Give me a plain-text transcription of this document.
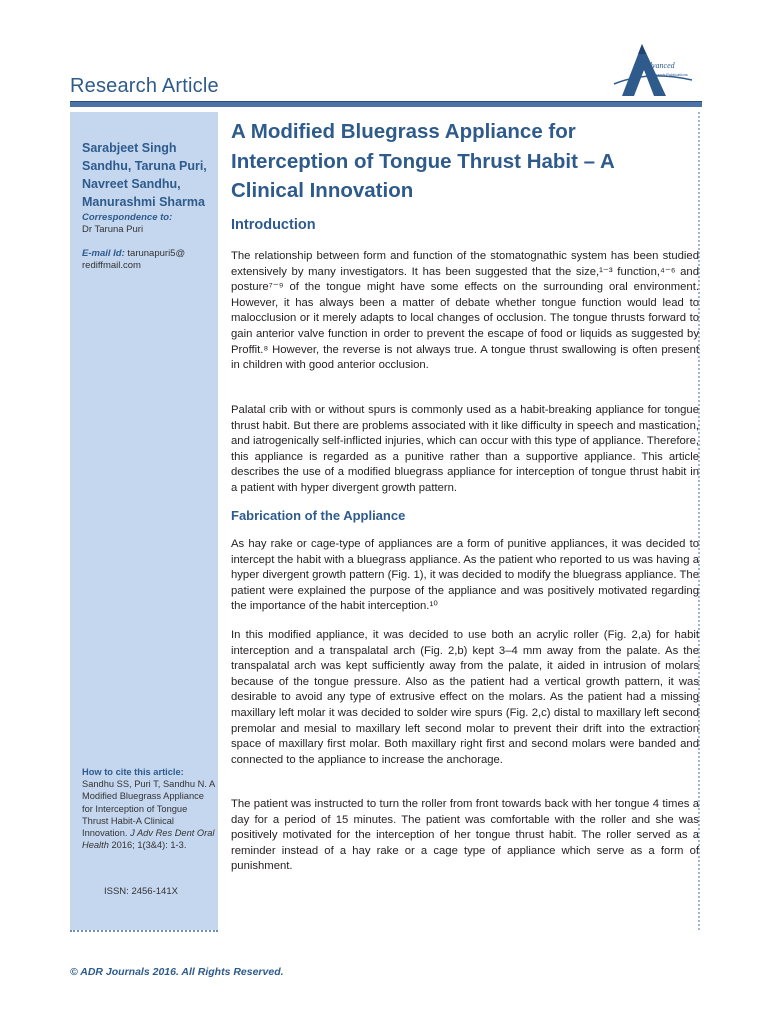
Research Article
dvanced
Research Publications
Sarabjeet Singh Sandhu, Taruna Puri, Navreet Sandhu, Manurashmi Sharma
Correspondence to:
Dr Taruna Puri
E-mail Id: tarunapuri5@ rediffmail.com
How to cite this article:
Sandhu SS, Puri T, Sandhu N. A Modified Bluegrass Appliance for Interception of Tongue Thrust Habit-A Clinical Innovation. J Adv Res Dent Oral Health 2016; 1(3&4): 1-3.
ISSN: 2456-141X
A Modified Bluegrass Appliance for Interception of Tongue Thrust Habit – A Clinical Innovation
Introduction
The relationship between form and function of the stomatognathic system has been studied extensively by many investigators. It has been suggested that the size,¹⁻³ function,⁴⁻⁶ and posture⁷⁻⁹ of the tongue might have some effects on the surrounding oral environment. However, it has always been a matter of debate whether tongue function would lead to malocclusion or it merely adapts to local changes of occlusion. The tongue thrusts forward to gain anterior valve function in order to prevent the escape of food or liquids as suggested by Proffit.⁸ However, the reverse is not always true. A tongue thrust swallowing is often present in children with good anterior occlusion.
Palatal crib with or without spurs is commonly used as a habit-breaking appliance for tongue thrust habit. But there are problems associated with it like difficulty in speech and mastication, and iatrogenically self-inflicted injuries, which can occur with this type of appliance. Therefore, this appliance is regarded as a punitive rather than a supportive appliance. This article describes the use of a modified bluegrass appliance for interception of tongue thrust habit in a patient with hyper divergent growth pattern.
Fabrication of the Appliance
As hay rake or cage-type of appliances are a form of punitive appliances, it was decided to intercept the habit with a bluegrass appliance. As the patient who reported to us was having a hyper divergent growth pattern (Fig. 1), it was decided to modify the bluegrass appliance. The patient were explained the purpose of the appliance and was positively motivated regarding the importance of the habit interception.¹⁰
In this modified appliance, it was decided to use both an acrylic roller (Fig. 2,a) for habit interception and a transpalatal arch (Fig. 2,b) kept 3–4 mm away from the palate. As the transpalatal arch was kept sufficiently away from the palate, it aided in intrusion of molars because of the tongue pressure. Also as the patient had a vertical growth pattern, it was desirable to avoid any type of extrusive effect on the molars. As the patient had a missing maxillary left molar it was decided to solder wire spurs (Fig. 2,c) distal to maxillary left second premolar and mesial to maxillary left second molar to prevent their drift into the extraction space of maxillary first molar. Both maxillary right first and second molars were banded and connected to the appliance to increase the anchorage.
The patient was instructed to turn the roller from front towards back with her tongue 4 times a day for a period of 15 minutes. The patient was comfortable with the roller and she was positively motivated for the interception of her tongue thrust habit. The roller served as a reminder instead of a hay rake or a cage type of appliance which serve as a form of punishment.
© ADR Journals 2016. All Rights Reserved.
